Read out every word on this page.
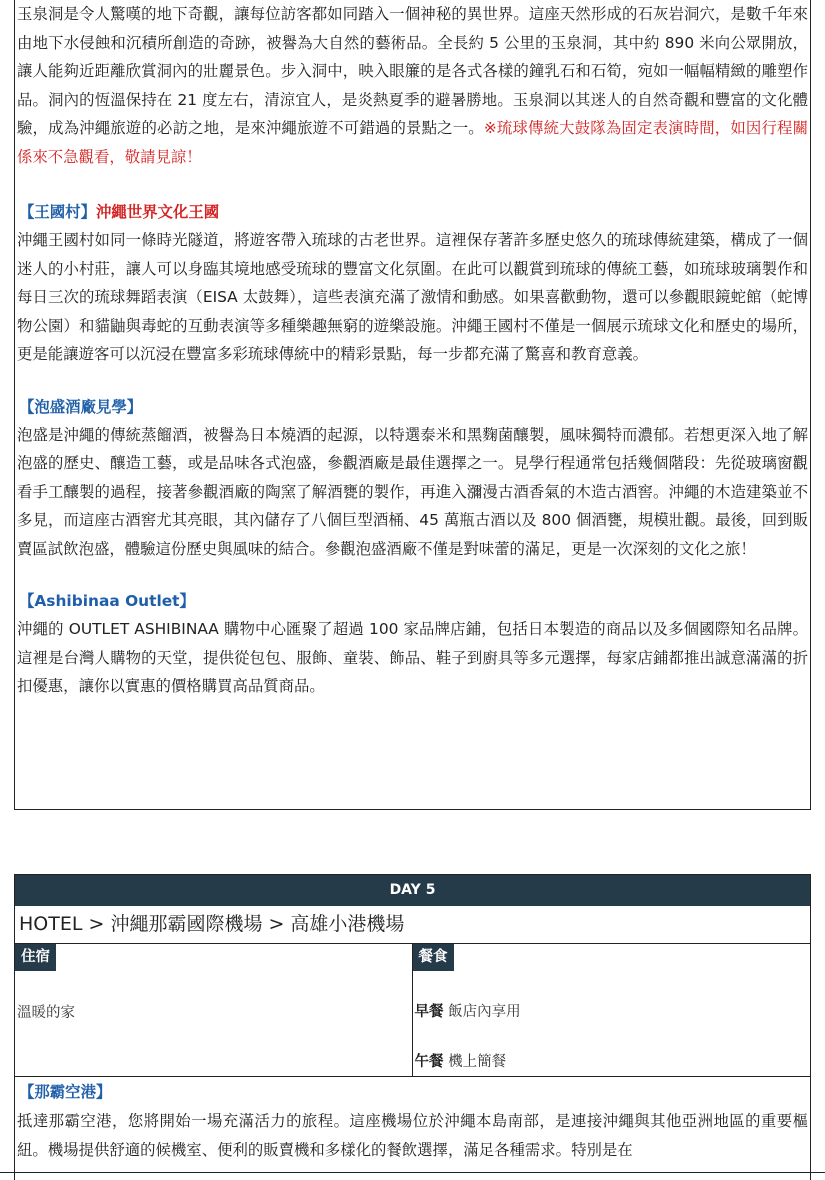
玉泉洞是令人驚嘆的地下奇觀，讓每位訪客都如同踏入一個神秘的異世界。這座天然形成的石灰岩洞穴，是數千年來由地下水侵蝕和沉積所創造的奇跡，被譽為大自然的藝術品。全長約 5 公里的玉泉洞，其中約 890 米向公眾開放，讓人能夠近距離欣賞洞內的壯麗景色。步入洞中，映入眼簾的是各式各樣的鐘乳石和石筍，宛如一幅幅精緻的雕塑作品。洞內的恆溫保持在 21 度左右，清涼宜人，是炎熱夏季的避暑勝地。玉泉洞以其迷人的自然奇觀和豐富的文化體驗，成為沖繩旅遊的必訪之地，是來沖繩旅遊不可錯過的景點之一。※琉球傳統大鼓隊為固定表演時間，如因行程關係來不急觀看，敬請見諒！

【王國村】沖繩世界文化王國

沖繩王國村如同一條時光隧道，將遊客帶入琉球的古老世界。這裡保存著許多歷史悠久的琉球傳統建築，構成了一個迷人的小村莊，讓人可以身臨其境地感受琉球的豐富文化氛圍。在此可以觀賞到琉球的傳統工藝，如琉球玻璃製作和每日三次的琉球舞蹈表演（EISA 太鼓舞），這些表演充滿了激情和動感。如果喜歡動物，還可以參觀眼鏡蛇館（蛇博物公園）和貓鼬與毒蛇的互動表演等多種樂趣無窮的遊樂設施。沖繩王國村不僅是一個展示琉球文化和歷史的場所，更是能讓遊客可以沉浸在豐富多彩琉球傳統中的精彩景點，每一步都充滿了驚喜和教育意義。

【泡盛酒廠見學】

泡盛是沖繩的傳統蒸餾酒，被譽為日本燒酒的起源，以特選泰米和黑麴菌釀製，風味獨特而濃郁。若想更深入地了解泡盛的歷史、釀造工藝，或是品味各式泡盛，參觀酒廠是最佳選擇之一。見學行程通常包括幾個階段：先從玻璃窗觀看手工釀製的過程，接著參觀酒廠的陶窯了解酒甕的製作，再進入瀰漫古酒香氣的木造古酒窖。沖繩的木造建築並不多見，而這座古酒窖尤其亮眼，其內儲存了八個巨型酒桶、45 萬瓶古酒以及 800 個酒甕，規模壯觀。最後，回到販賣區試飲泡盛，體驗這份歷史與風味的結合。參觀泡盛酒廠不僅是對味蕾的滿足，更是一次深刻的文化之旅！

【Ashibinaa Outlet】

沖繩的 OUTLET ASHIBINAA 購物中心匯聚了超過 100 家品牌店鋪，包括日本製造的商品以及多個國際知名品牌。這裡是台灣人購物的天堂，提供從包包、服飾、童裝、飾品、鞋子到廚具等多元選擇，每家店鋪都推出誠意滿滿的折扣優惠，讓你以實惠的價格購買高品質商品。

DAY 5
HOTEL > 沖繩那霸國際機場 > 高雄小港機場
住宿
溫暖的家
餐食
早餐 飯店內享用
午餐 機上簡餐
【那霸空港】

抵達那霸空港，您將開始一場充滿活力的旅程。這座機場位於沖繩本島南部，是連接沖繩與其他亞洲地區的重要樞紐。機場提供舒適的候機室、便利的販賣機和多樣化的餐飲選擇，滿足各種需求。特別是在
